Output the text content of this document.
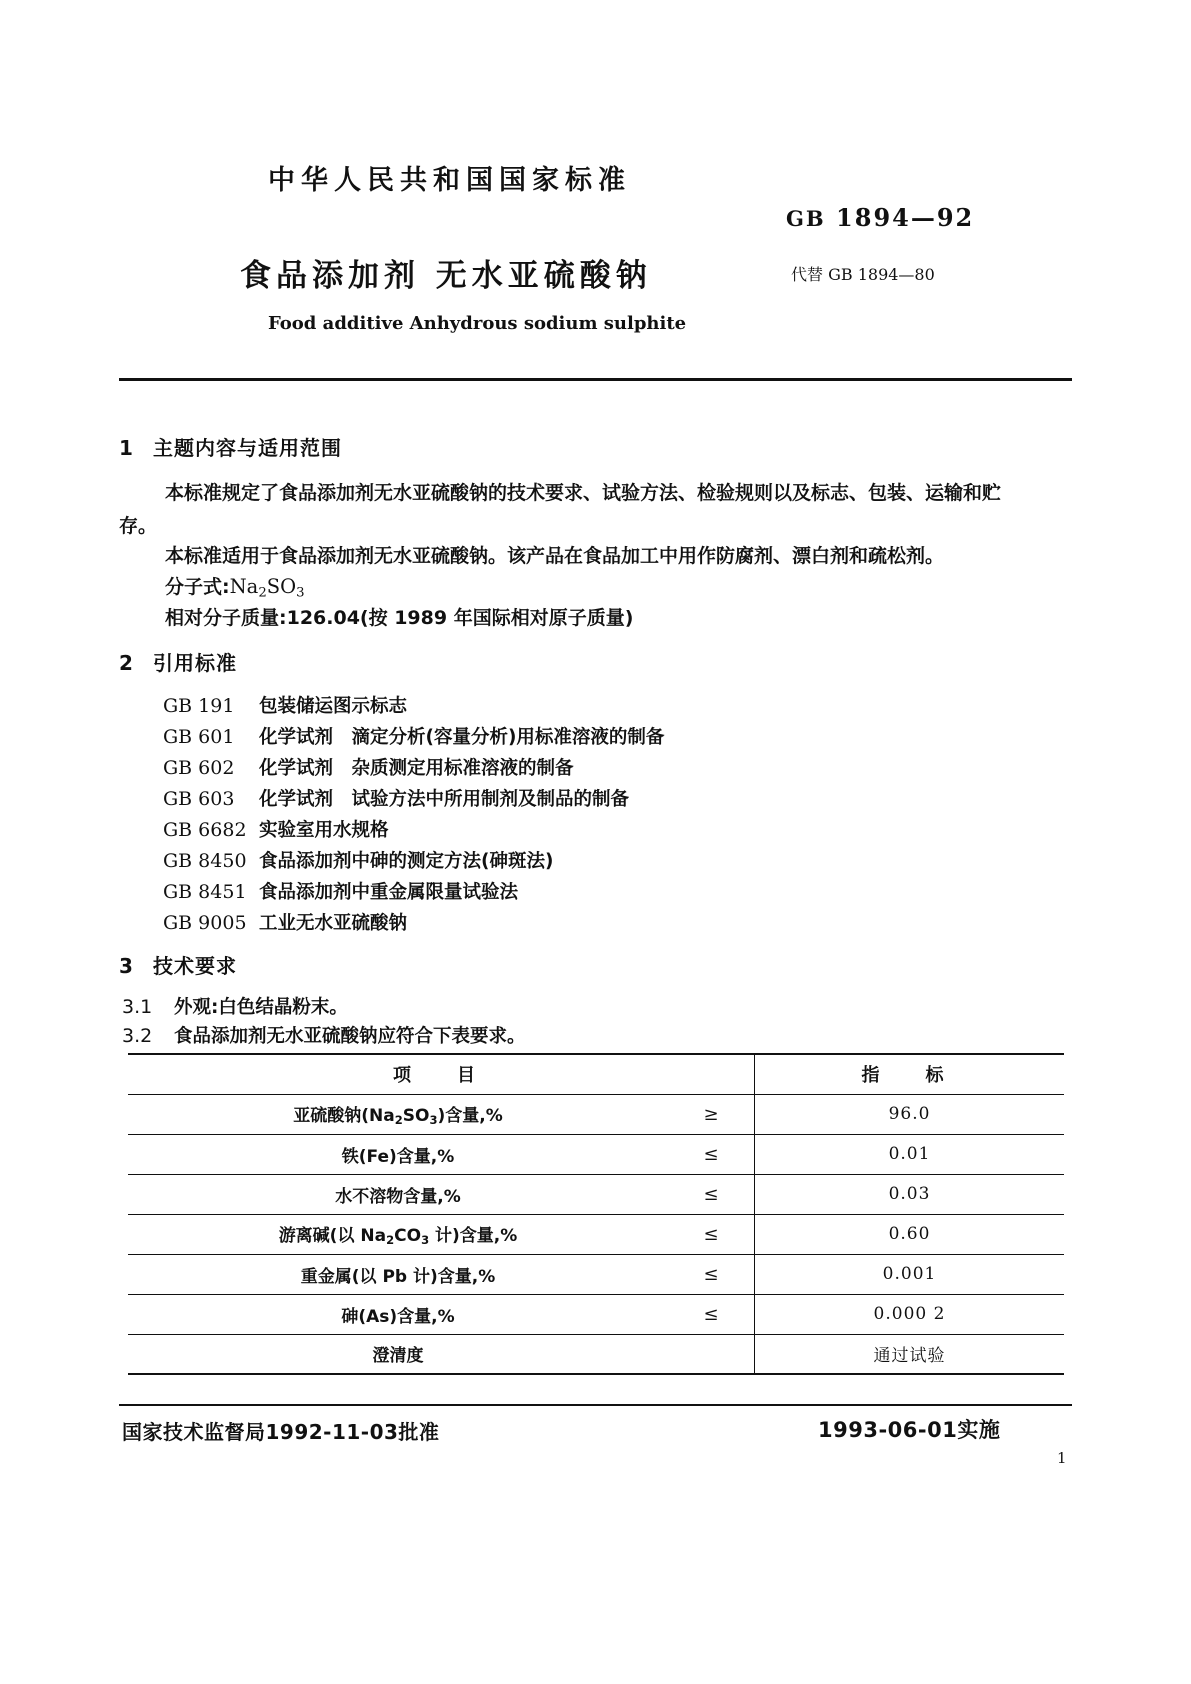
中华人民共和国国家标准
GB 1894—92
食品添加剂 无水亚硫酸钠	代替 GB 1894—80
Food additive Anhydrous sodium sulphite
1 主题内容与适用范围
本标准规定了食品添加剂无水亚硫酸钠的技术要求、试验方法、检验规则以及标志、包装、运输和贮
存。
本标准适用于食品添加剂无水亚硫酸钠。该产品在食品加工中用作防腐剂、漂白剂和疏松剂。
分子式$:Na_2SO_3$
相对分子质量:126.04(按 1989 年国际相对原子质量)
2 引用标准
GB 191 包装储运图示标志
GB 601 化学试剂　滴定分析(容量分析)用标准溶液的制备
GB 602 化学试剂　杂质测定用标准溶液的制备
GB 603 化学试剂　试验方法中所用制剂及制品的制备
GB 6682 实验室用水规格
GB 8450 食品添加剂中砷的测定方法(砷斑法)
GB 8451 食品添加剂中重金属限量试验法
GB 9005 工业无水亚硫酸钠
3 技术要求
3.1 外观:白色结晶粉末。
3.2 食品添加剂无水亚硫酸钠应符合下表要求。
项　目		指　标
亚硫酸钠$(Na_2SO_3)$含量,%	≥	96.0
铁(Fe)含量,%	≤	0.01
水不溶物含量,%	≤	0.03
游离碱(以 $Na_2CO_3$ 计)含量,%	≤	0.60
重金属(以 Pb 计)含量,%	≤	0.001
砷(As)含量,%	≤	0.000 2
澄清度		通过试验

国家技术监督局1992-11-03批准	1993-06-01实施
1
